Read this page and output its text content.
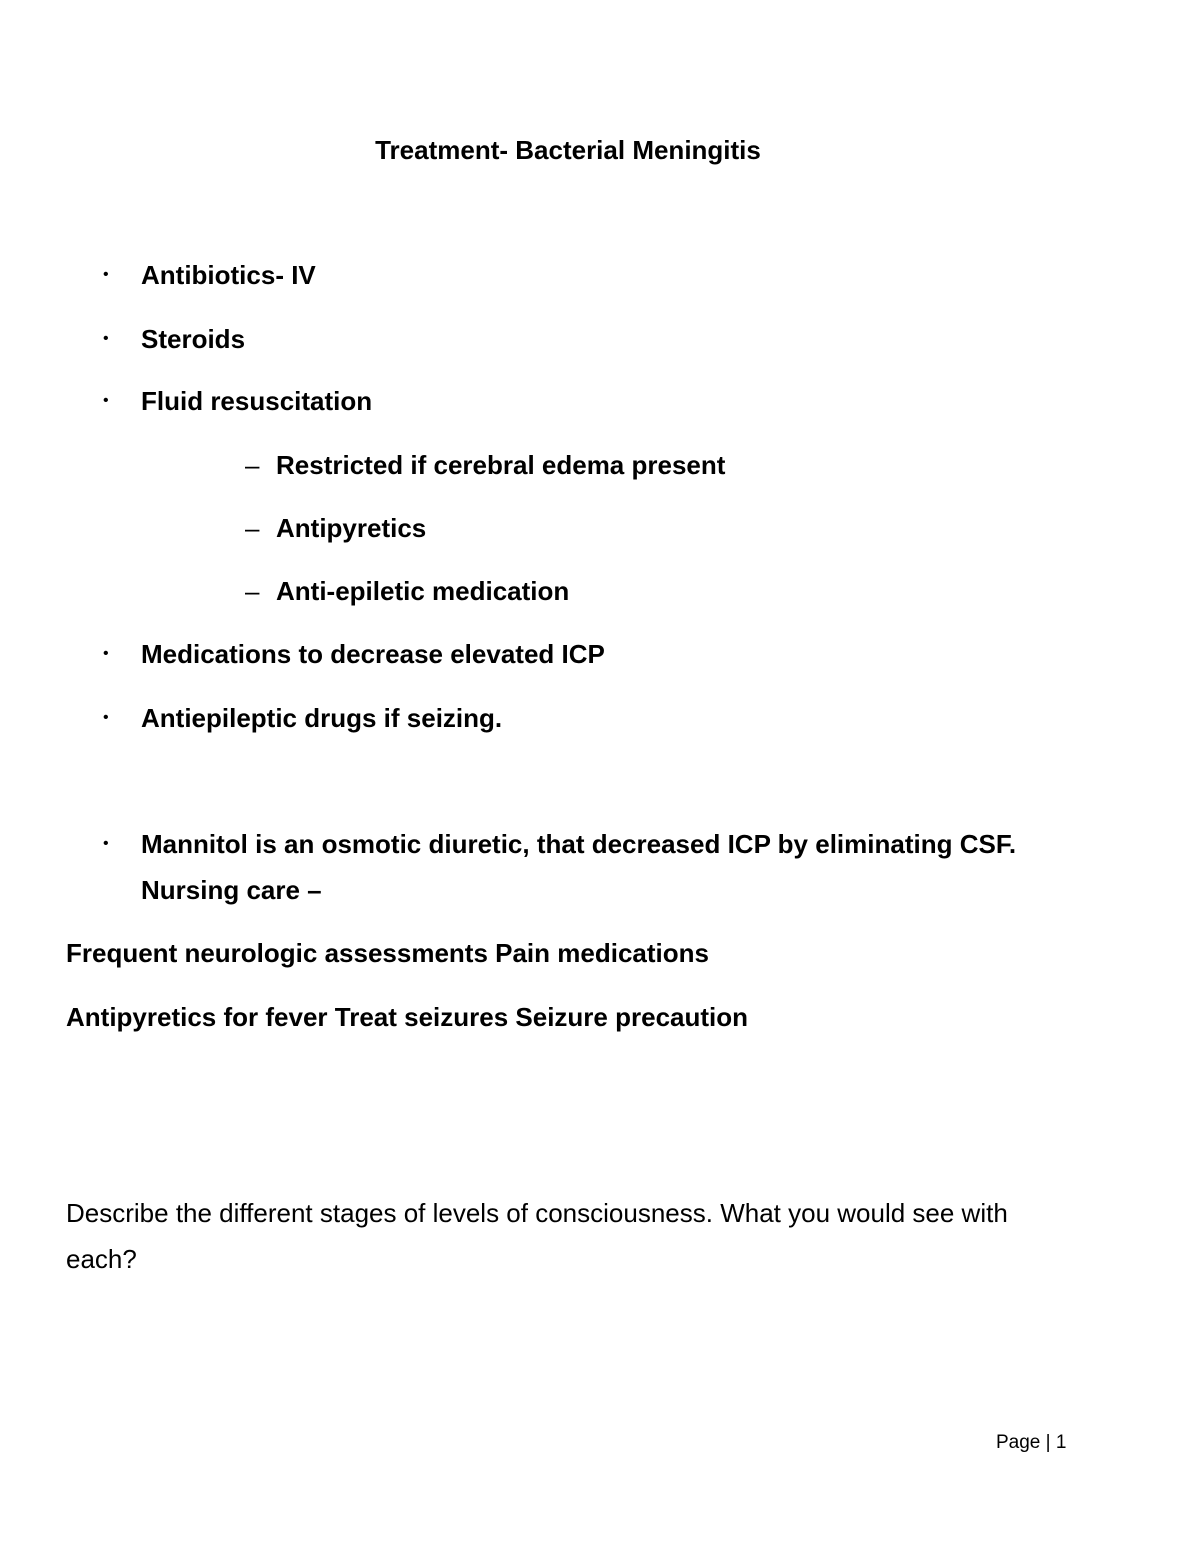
Treatment- Bacterial Meningitis
• Antibiotics- IV
• Steroids
• Fluid resuscitation
– Restricted if cerebral edema present
– Antipyretics
– Anti-epiletic medication
• Medications to decrease elevated ICP
• Antiepileptic drugs if seizing.
• Mannitol is an osmotic diuretic, that decreased ICP by eliminating CSF.
Nursing care –
Frequent neurologic assessments Pain medications
Antipyretics for fever Treat seizures Seizure precaution
Describe the different stages of levels of consciousness. What you would see with each?
Page | 1
